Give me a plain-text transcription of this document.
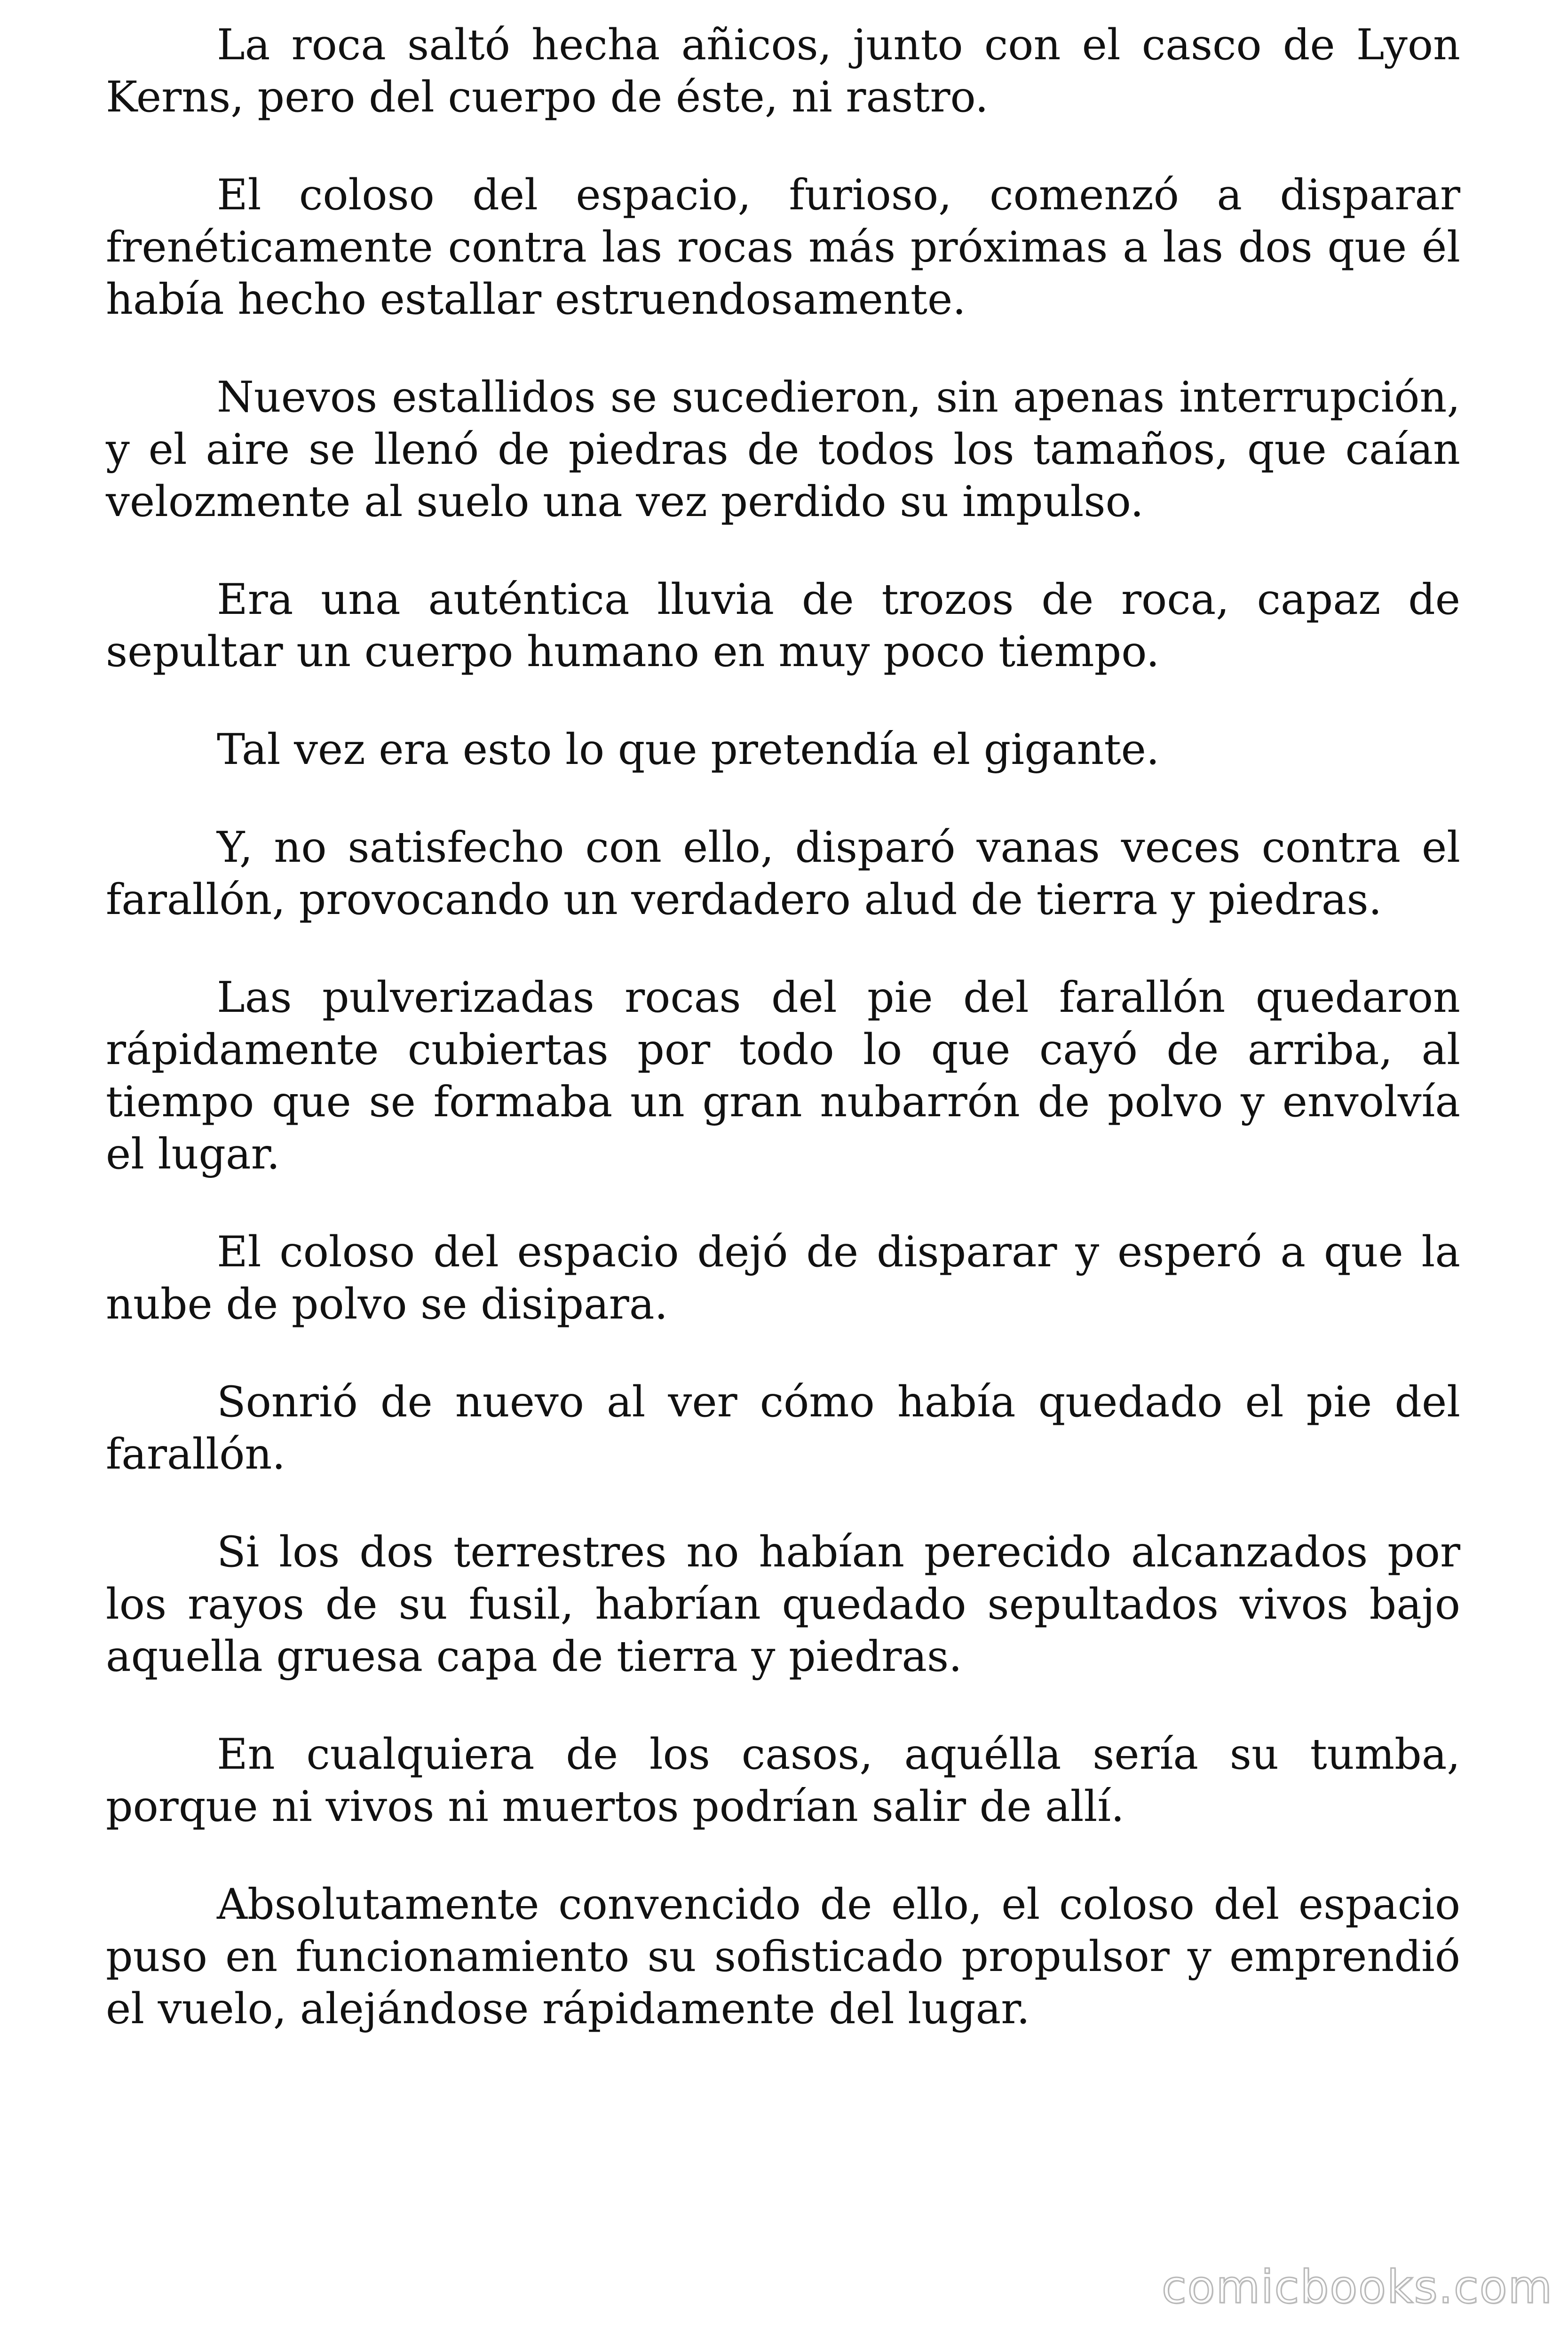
La roca saltó hecha añicos, junto con el casco de Lyon Kerns, pero del cuerpo de éste, ni rastro.

El coloso del espacio, furioso, comenzó a disparar frenéticamente contra las rocas más próximas a las dos que él había hecho estallar estruendosamente.

Nuevos estallidos se sucedieron, sin apenas interrupción, y el aire se llenó de piedras de todos los tamaños, que caían velozmente al suelo una vez perdido su impulso.

Era una auténtica lluvia de trozos de roca, capaz de sepultar un cuerpo humano en muy poco tiempo.

Tal vez era esto lo que pretendía el gigante.

Y, no satisfecho con ello, disparó vanas veces contra el farallón, provocando un verdadero alud de tierra y piedras.

Las pulverizadas rocas del pie del farallón quedaron rápidamente cubiertas por todo lo que cayó de arriba, al tiempo que se formaba un gran nubarrón de polvo y envolvía el lugar.

El coloso del espacio dejó de disparar y esperó a que la nube de polvo se disipara.

Sonrió de nuevo al ver cómo había quedado el pie del farallón.

Si los dos terrestres no habían perecido alcanzados por los rayos de su fusil, habrían quedado sepultados vivos bajo aquella gruesa capa de tierra y piedras.

En cualquiera de los casos, aquélla sería su tumba, porque ni vivos ni muertos podrían salir de allí.

Absolutamente convencido de ello, el coloso del espacio puso en funcionamiento su sofisticado propulsor y emprendió el vuelo, alejándose rápidamente del lugar.

comicbooks.com
